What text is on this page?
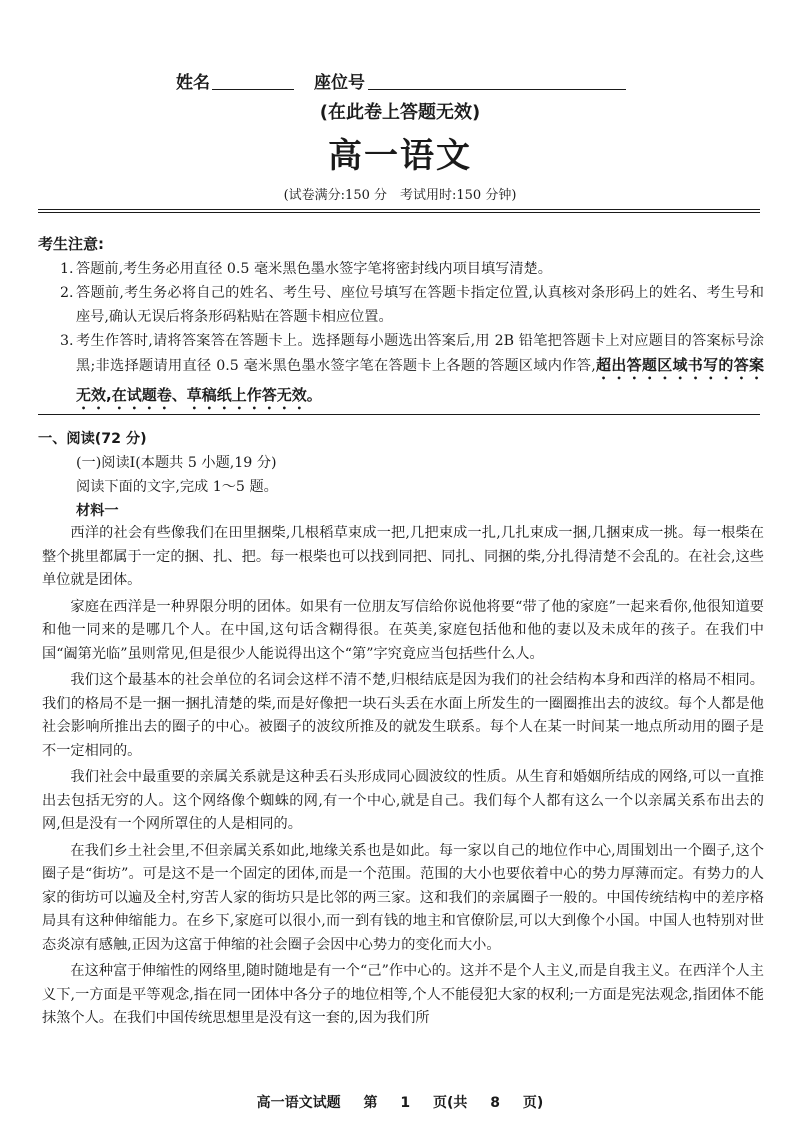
姓名	座位号
(在此卷上答题无效)
高一语文
(试卷满分:150 分　考试用时:150 分钟)
考生注意:
1. 答题前,考生务必用直径 0.5 毫米黑色墨水签字笔将密封线内项目填写清楚。
2. 答题前,考生务必将自己的姓名、考生号、座位号填写在答题卡指定位置,认真核对条形码上的姓名、考生号和座号,确认无误后将条形码粘贴在答题卡相应位置。
3. 考生作答时,请将答案答在答题卡上。选择题每小题选出答案后,用 2B 铅笔把答题卡上对应题目的答案标号涂黑;非选择题请用直径 0.5 毫米黑色墨水签字笔在答题卡上各题的答题区域内作答,超出答题区域书写的答案无效,在试题卷、草稿纸上作答无效。
一、阅读(72 分)
(一)阅读Ⅰ(本题共 5 小题,19 分)
阅读下面的文字,完成 1～5 题。
材料一

西洋的社会有些像我们在田里捆柴,几根稻草束成一把,几把束成一扎,几扎束成一捆,几捆束成一挑。每一根柴在整个挑里都属于一定的捆、扎、把。每一根柴也可以找到同把、同扎、同捆的柴,分扎得清楚不会乱的。在社会,这些单位就是团体。

家庭在西洋是一种界限分明的团体。如果有一位朋友写信给你说他将要“带了他的家庭”一起来看你,他很知道要和他一同来的是哪几个人。在中国,这句话含糊得很。在英美,家庭包括他和他的妻以及未成年的孩子。在我们中国“阖第光临”虽则常见,但是很少人能说得出这个“第”字究竟应当包括些什么人。

我们这个最基本的社会单位的名词会这样不清不楚,归根结底是因为我们的社会结构本身和西洋的格局不相同。我们的格局不是一捆一捆扎清楚的柴,而是好像把一块石头丢在水面上所发生的一圈圈推出去的波纹。每个人都是他社会影响所推出去的圈子的中心。被圈子的波纹所推及的就发生联系。每个人在某一时间某一地点所动用的圈子是不一定相同的。

我们社会中最重要的亲属关系就是这种丢石头形成同心圆波纹的性质。从生育和婚姻所结成的网络,可以一直推出去包括无穷的人。这个网络像个蜘蛛的网,有一个中心,就是自己。我们每个人都有这么一个以亲属关系布出去的网,但是没有一个网所罩住的人是相同的。

在我们乡土社会里,不但亲属关系如此,地缘关系也是如此。每一家以自己的地位作中心,周围划出一个圈子,这个圈子是“街坊”。可是这不是一个固定的团体,而是一个范围。范围的大小也要依着中心的势力厚薄而定。有势力的人家的街坊可以遍及全村,穷苦人家的街坊只是比邻的两三家。这和我们的亲属圈子一般的。中国传统结构中的差序格局具有这种伸缩能力。在乡下,家庭可以很小,而一到有钱的地主和官僚阶层,可以大到像个小国。中国人也特别对世态炎凉有感触,正因为这富于伸缩的社会圈子会因中心势力的变化而大小。

在这种富于伸缩性的网络里,随时随地是有一个“己”作中心的。这并不是个人主义,而是自我主义。在西洋个人主义下,一方面是平等观念,指在同一团体中各分子的地位相等,个人不能侵犯大家的权利;一方面是宪法观念,指团体不能抹煞个人。在我们中国传统思想里是没有这一套的,因为我们所

高一语文试题 第 1 页(共 8 页)
